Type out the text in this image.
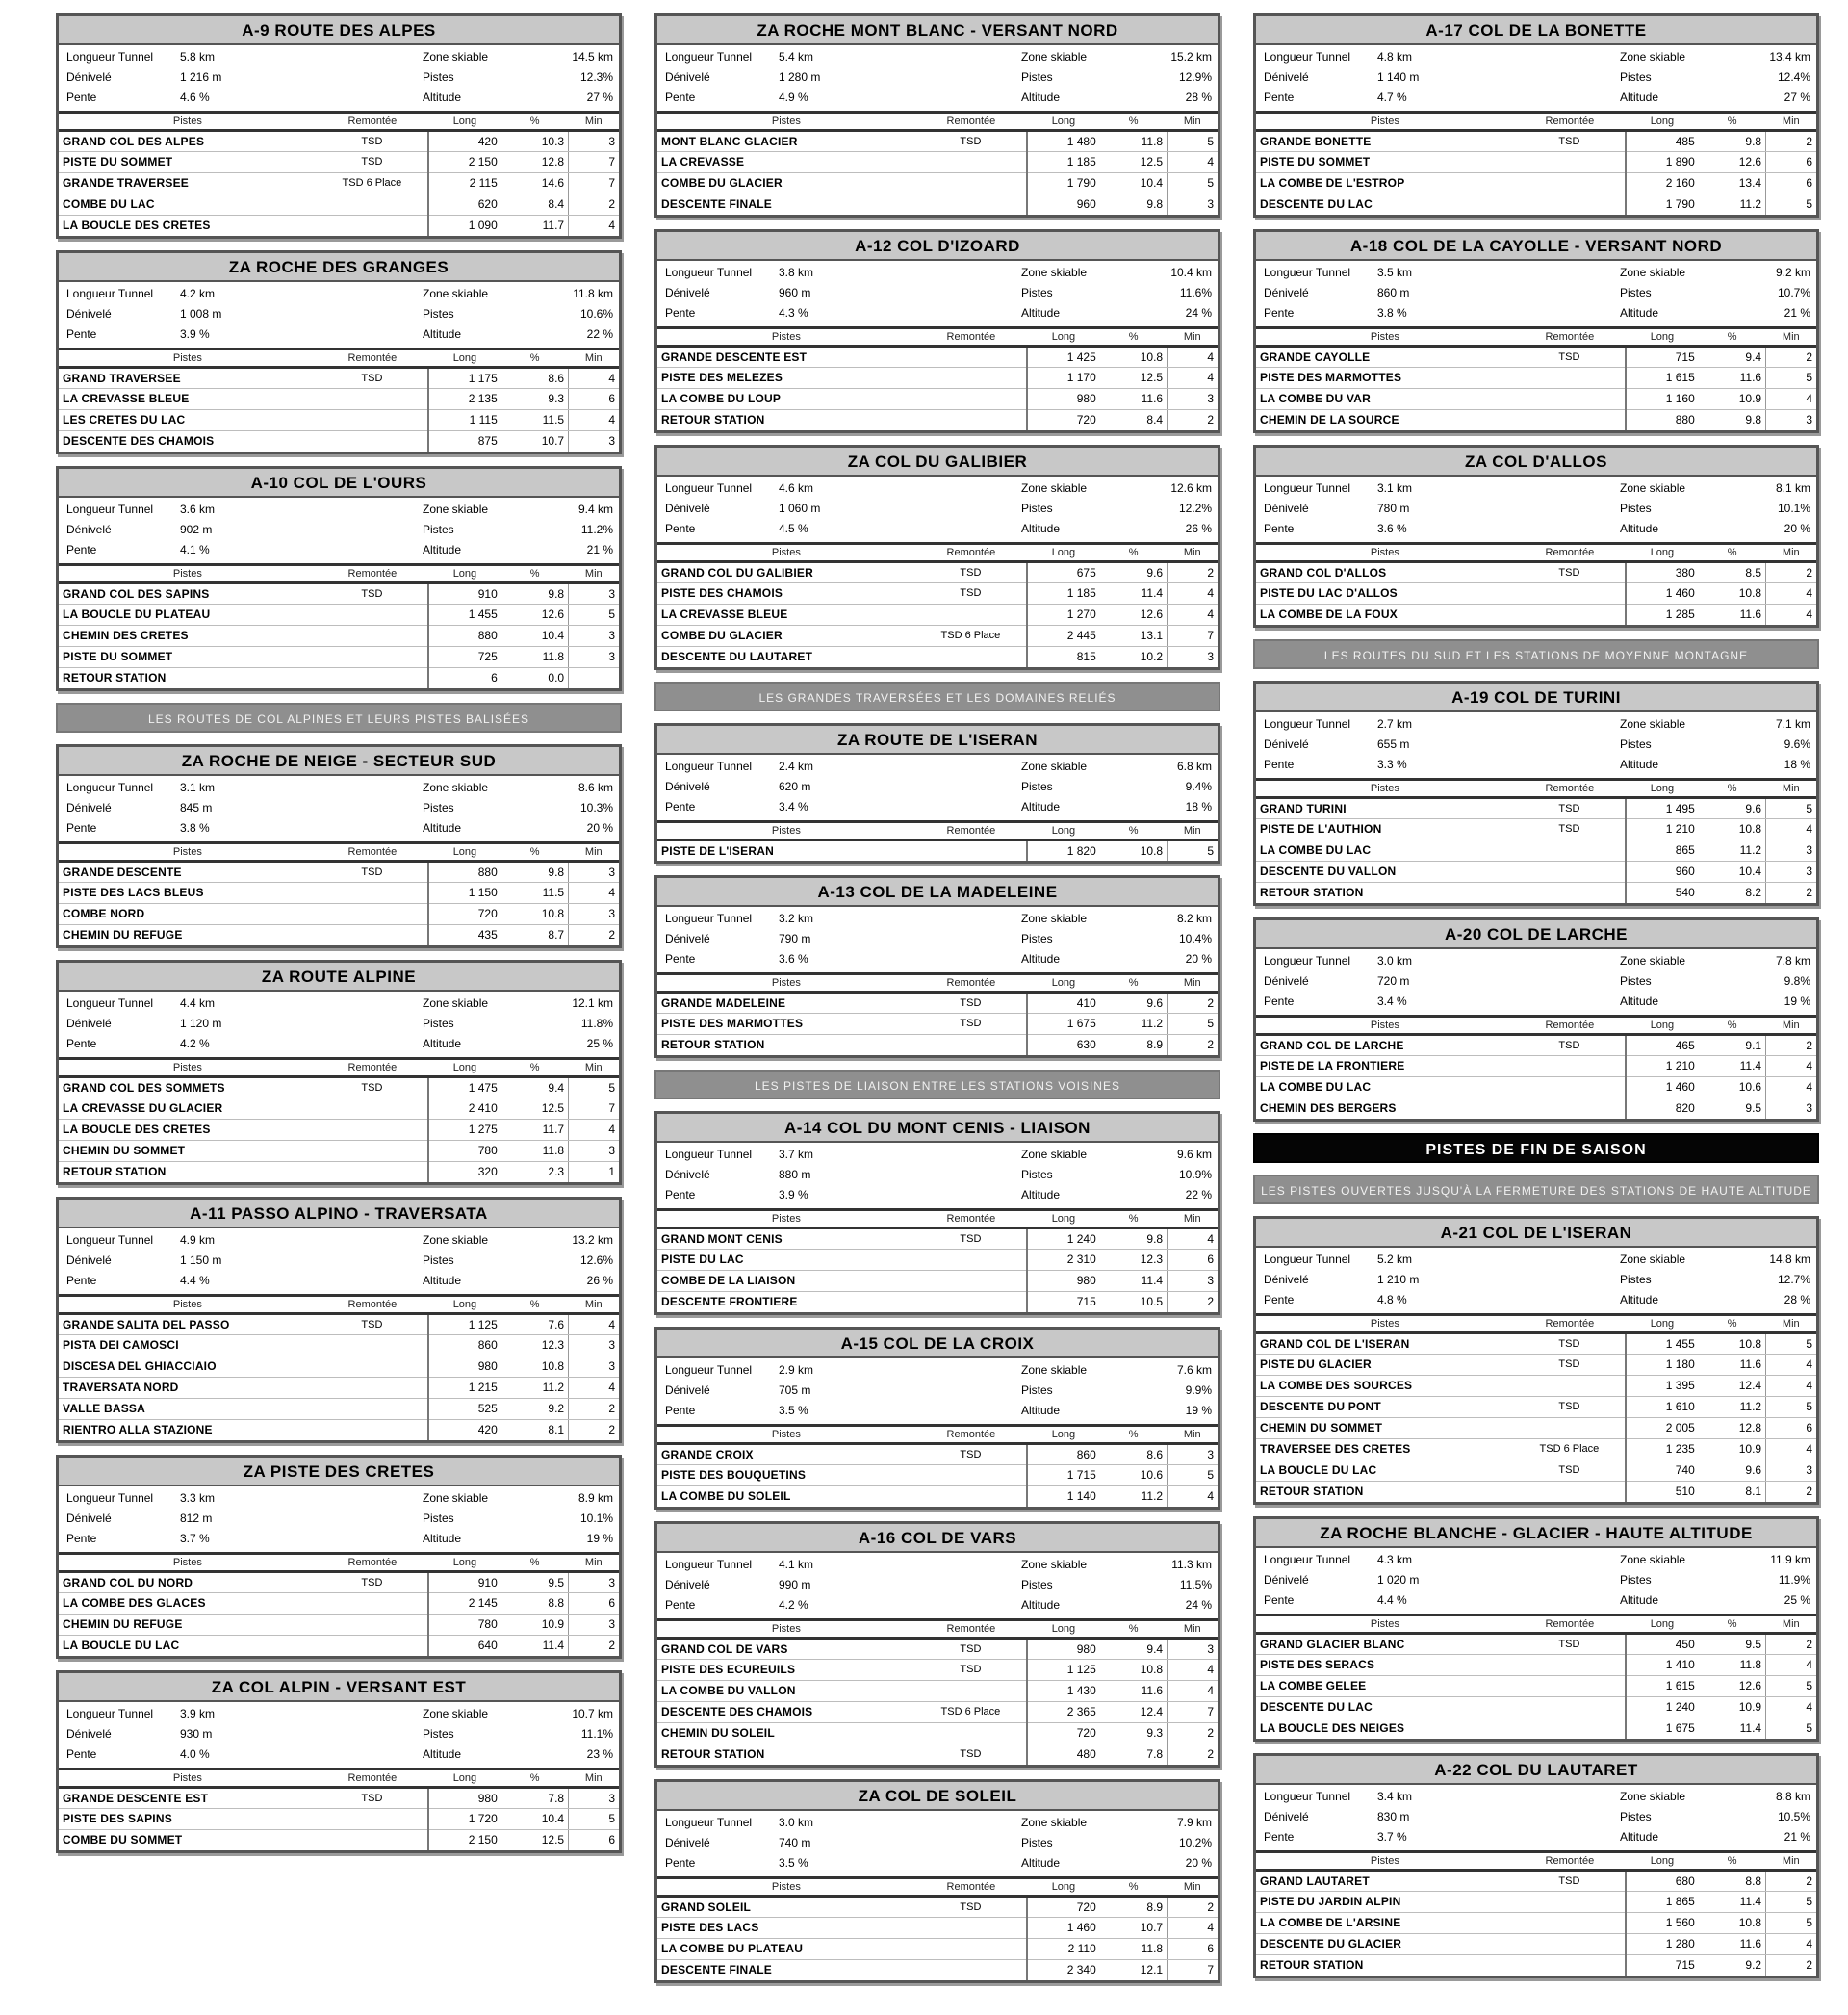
A-9 ROUTE DES ALPES
Longueur Tunnel	5.8 km	Zone skiable	14.5 km
Dénivelé	1 216 m	Pistes	12.3%
Pente	4.6 %	Altitude	27 %
Pistes	Remontée	Long	%	Min
GRAND COL DES ALPES	TSD	420	10.3	3
PISTE DU SOMMET	TSD	2 150	12.8	7
GRANDE TRAVERSEE	TSD 6 Place	2 115	14.6	7
COMBE DU LAC		620	8.4	2
LA BOUCLE DES CRETES		1 090	11.7	4
ZA ROCHE DES GRANGES
Longueur Tunnel	4.2 km	Zone skiable	11.8 km
Dénivelé	1 008 m	Pistes	10.6%
Pente	3.9 %	Altitude	22 %
Pistes	Remontée	Long	%	Min
GRAND TRAVERSEE	TSD	1 175	8.6	4
LA CREVASSE BLEUE		2 135	9.3	6
LES CRETES DU LAC		1 115	11.5	4
DESCENTE DES CHAMOIS		875	10.7	3
A-10 COL DE L'OURS
Longueur Tunnel	3.6 km	Zone skiable	9.4 km
Dénivelé	902 m	Pistes	11.2%
Pente	4.1 %	Altitude	21 %
Pistes	Remontée	Long	%	Min
GRAND COL DES SAPINS	TSD	910	9.8	3
LA BOUCLE DU PLATEAU		1 455	12.6	5
CHEMIN DES CRETES		880	10.4	3
PISTE DU SOMMET		725	11.8	3
RETOUR STATION		6	0.0	
LES ROUTES DE COL ALPINES ET LEURS PISTES BALISÉES
ZA ROCHE DE NEIGE - SECTEUR SUD
Longueur Tunnel	3.1 km	Zone skiable	8.6 km
Dénivelé	845 m	Pistes	10.3%
Pente	3.8 %	Altitude	20 %
Pistes	Remontée	Long	%	Min
GRANDE DESCENTE	TSD	880	9.8	3
PISTE DES LACS BLEUS		1 150	11.5	4
COMBE NORD		720	10.8	3
CHEMIN DU REFUGE		435	8.7	2
ZA ROUTE ALPINE
Longueur Tunnel	4.4 km	Zone skiable	12.1 km
Dénivelé	1 120 m	Pistes	11.8%
Pente	4.2 %	Altitude	25 %
Pistes	Remontée	Long	%	Min
GRAND COL DES SOMMETS	TSD	1 475	9.4	5
LA CREVASSE DU GLACIER		2 410	12.5	7
LA BOUCLE DES CRETES		1 275	11.7	4
CHEMIN DU SOMMET		780	11.8	3
RETOUR STATION		320	2.3	1
A-11 PASSO ALPINO - TRAVERSATA
Longueur Tunnel	4.9 km	Zone skiable	13.2 km
Dénivelé	1 150 m	Pistes	12.6%
Pente	4.4 %	Altitude	26 %
Pistes	Remontée	Long	%	Min
GRANDE SALITA DEL PASSO	TSD	1 125	7.6	4
PISTA DEI CAMOSCI		860	12.3	3
DISCESA DEL GHIACCIAIO		980	10.8	3
TRAVERSATA NORD		1 215	11.2	4
VALLE BASSA		525	9.2	2
RIENTRO ALLA STAZIONE		420	8.1	2
ZA PISTE DES CRETES
Longueur Tunnel	3.3 km	Zone skiable	8.9 km
Dénivelé	812 m	Pistes	10.1%
Pente	3.7 %	Altitude	19 %
Pistes	Remontée	Long	%	Min
GRAND COL DU NORD	TSD	910	9.5	3
LA COMBE DES GLACES		2 145	8.8	6
CHEMIN DU REFUGE		780	10.9	3
LA BOUCLE DU LAC		640	11.4	2
ZA COL ALPIN - VERSANT EST
Longueur Tunnel	3.9 km	Zone skiable	10.7 km
Dénivelé	930 m	Pistes	11.1%
Pente	4.0 %	Altitude	23 %
Pistes	Remontée	Long	%	Min
GRANDE DESCENTE EST	TSD	980	7.8	3
PISTE DES SAPINS		1 720	10.4	5
COMBE DU SOMMET		2 150	12.5	6
ZA ROCHE MONT BLANC - VERSANT NORD
Longueur Tunnel	5.4 km	Zone skiable	15.2 km
Dénivelé	1 280 m	Pistes	12.9%
Pente	4.9 %	Altitude	28 %
Pistes	Remontée	Long	%	Min
MONT BLANC GLACIER	TSD	1 480	11.8	5
LA CREVASSE		1 185	12.5	4
COMBE DU GLACIER		1 790	10.4	5
DESCENTE FINALE		960	9.8	3
A-12 COL D'IZOARD
Longueur Tunnel	3.8 km	Zone skiable	10.4 km
Dénivelé	960 m	Pistes	11.6%
Pente	4.3 %	Altitude	24 %
Pistes	Remontée	Long	%	Min
GRANDE DESCENTE EST		1 425	10.8	4
PISTE DES MELEZES		1 170	12.5	4
LA COMBE DU LOUP		980	11.6	3
RETOUR STATION		720	8.4	2
ZA COL DU GALIBIER
Longueur Tunnel	4.6 km	Zone skiable	12.6 km
Dénivelé	1 060 m	Pistes	12.2%
Pente	4.5 %	Altitude	26 %
Pistes	Remontée	Long	%	Min
GRAND COL DU GALIBIER	TSD	675	9.6	2
PISTE DES CHAMOIS	TSD	1 185	11.4	4
LA CREVASSE BLEUE		1 270	12.6	4
COMBE DU GLACIER	TSD 6 Place	2 445	13.1	7
DESCENTE DU LAUTARET		815	10.2	3
LES GRANDES TRAVERSÉES ET LES DOMAINES RELIÉS
ZA ROUTE DE L'ISERAN
Longueur Tunnel	2.4 km	Zone skiable	6.8 km
Dénivelé	620 m	Pistes	9.4%
Pente	3.4 %	Altitude	18 %
Pistes	Remontée	Long	%	Min
PISTE DE L'ISERAN		1 820	10.8	5
A-13 COL DE LA MADELEINE
Longueur Tunnel	3.2 km	Zone skiable	8.2 km
Dénivelé	790 m	Pistes	10.4%
Pente	3.6 %	Altitude	20 %
Pistes	Remontée	Long	%	Min
GRANDE MADELEINE	TSD	410	9.6	2
PISTE DES MARMOTTES	TSD	1 675	11.2	5
RETOUR STATION		630	8.9	2
LES PISTES DE LIAISON ENTRE LES STATIONS VOISINES
A-14 COL DU MONT CENIS - LIAISON
Longueur Tunnel	3.7 km	Zone skiable	9.6 km
Dénivelé	880 m	Pistes	10.9%
Pente	3.9 %	Altitude	22 %
Pistes	Remontée	Long	%	Min
GRAND MONT CENIS	TSD	1 240	9.8	4
PISTE DU LAC		2 310	12.3	6
COMBE DE LA LIAISON		980	11.4	3
DESCENTE FRONTIERE		715	10.5	2
A-15 COL DE LA CROIX
Longueur Tunnel	2.9 km	Zone skiable	7.6 km
Dénivelé	705 m	Pistes	9.9%
Pente	3.5 %	Altitude	19 %
Pistes	Remontée	Long	%	Min
GRANDE CROIX	TSD	860	8.6	3
PISTE DES BOUQUETINS		1 715	10.6	5
LA COMBE DU SOLEIL		1 140	11.2	4
A-16 COL DE VARS
Longueur Tunnel	4.1 km	Zone skiable	11.3 km
Dénivelé	990 m	Pistes	11.5%
Pente	4.2 %	Altitude	24 %
Pistes	Remontée	Long	%	Min
GRAND COL DE VARS	TSD	980	9.4	3
PISTE DES ECUREUILS	TSD	1 125	10.8	4
LA COMBE DU VALLON		1 430	11.6	4
DESCENTE DES CHAMOIS	TSD 6 Place	2 365	12.4	7
CHEMIN DU SOLEIL		720	9.3	2
RETOUR STATION	TSD	480	7.8	2
ZA COL DE SOLEIL
Longueur Tunnel	3.0 km	Zone skiable	7.9 km
Dénivelé	740 m	Pistes	10.2%
Pente	3.5 %	Altitude	20 %
Pistes	Remontée	Long	%	Min
GRAND SOLEIL	TSD	720	8.9	2
PISTE DES LACS		1 460	10.7	4
LA COMBE DU PLATEAU		2 110	11.8	6
DESCENTE FINALE		2 340	12.1	7
A-17 COL DE LA BONETTE
Longueur Tunnel	4.8 km	Zone skiable	13.4 km
Dénivelé	1 140 m	Pistes	12.4%
Pente	4.7 %	Altitude	27 %
Pistes	Remontée	Long	%	Min
GRANDE BONETTE	TSD	485	9.8	2
PISTE DU SOMMET		1 890	12.6	6
LA COMBE DE L'ESTROP		2 160	13.4	6
DESCENTE DU LAC		1 790	11.2	5
A-18 COL DE LA CAYOLLE - VERSANT NORD
Longueur Tunnel	3.5 km	Zone skiable	9.2 km
Dénivelé	860 m	Pistes	10.7%
Pente	3.8 %	Altitude	21 %
Pistes	Remontée	Long	%	Min
GRANDE CAYOLLE	TSD	715	9.4	2
PISTE DES MARMOTTES		1 615	11.6	5
LA COMBE DU VAR		1 160	10.9	4
CHEMIN DE LA SOURCE		880	9.8	3
ZA COL D'ALLOS
Longueur Tunnel	3.1 km	Zone skiable	8.1 km
Dénivelé	780 m	Pistes	10.1%
Pente	3.6 %	Altitude	20 %
Pistes	Remontée	Long	%	Min
GRAND COL D'ALLOS	TSD	380	8.5	2
PISTE DU LAC D'ALLOS		1 460	10.8	4
LA COMBE DE LA FOUX		1 285	11.6	4
LES ROUTES DU SUD ET LES STATIONS DE MOYENNE MONTAGNE
A-19 COL DE TURINI
Longueur Tunnel	2.7 km	Zone skiable	7.1 km
Dénivelé	655 m	Pistes	9.6%
Pente	3.3 %	Altitude	18 %
Pistes	Remontée	Long	%	Min
GRAND TURINI	TSD	1 495	9.6	5
PISTE DE L'AUTHION	TSD	1 210	10.8	4
LA COMBE DU LAC		865	11.2	3
DESCENTE DU VALLON		960	10.4	3
RETOUR STATION		540	8.2	2
A-20 COL DE LARCHE
Longueur Tunnel	3.0 km	Zone skiable	7.8 km
Dénivelé	720 m	Pistes	9.8%
Pente	3.4 %	Altitude	19 %
Pistes	Remontée	Long	%	Min
GRAND COL DE LARCHE	TSD	465	9.1	2
PISTE DE LA FRONTIERE		1 210	11.4	4
LA COMBE DU LAC		1 460	10.6	4
CHEMIN DES BERGERS		820	9.5	3
PISTES DE FIN DE SAISON
LES PISTES OUVERTES JUSQU'À LA FERMETURE DES STATIONS DE HAUTE ALTITUDE
A-21 COL DE L'ISERAN
Longueur Tunnel	5.2 km	Zone skiable	14.8 km
Dénivelé	1 210 m	Pistes	12.7%
Pente	4.8 %	Altitude	28 %
Pistes	Remontée	Long	%	Min
GRAND COL DE L'ISERAN	TSD	1 455	10.8	5
PISTE DU GLACIER	TSD	1 180	11.6	4
LA COMBE DES SOURCES		1 395	12.4	4
DESCENTE DU PONT	TSD	1 610	11.2	5
CHEMIN DU SOMMET		2 005	12.8	6
TRAVERSEE DES CRETES	TSD 6 Place	1 235	10.9	4
LA BOUCLE DU LAC	TSD	740	9.6	3
RETOUR STATION		510	8.1	2
ZA ROCHE BLANCHE - GLACIER - HAUTE ALTITUDE
Longueur Tunnel	4.3 km	Zone skiable	11.9 km
Dénivelé	1 020 m	Pistes	11.9%
Pente	4.4 %	Altitude	25 %
Pistes	Remontée	Long	%	Min
GRAND GLACIER BLANC	TSD	450	9.5	2
PISTE DES SERACS		1 410	11.8	4
LA COMBE GELEE		1 615	12.6	5
DESCENTE DU LAC		1 240	10.9	4
LA BOUCLE DES NEIGES		1 675	11.4	5
A-22 COL DU LAUTARET
Longueur Tunnel	3.4 km	Zone skiable	8.8 km
Dénivelé	830 m	Pistes	10.5%
Pente	3.7 %	Altitude	21 %
Pistes	Remontée	Long	%	Min
GRAND LAUTARET	TSD	680	8.8	2
PISTE DU JARDIN ALPIN		1 865	11.4	5
LA COMBE DE L'ARSINE		1 560	10.8	5
DESCENTE DU GLACIER		1 280	11.6	4
RETOUR STATION		715	9.2	2
